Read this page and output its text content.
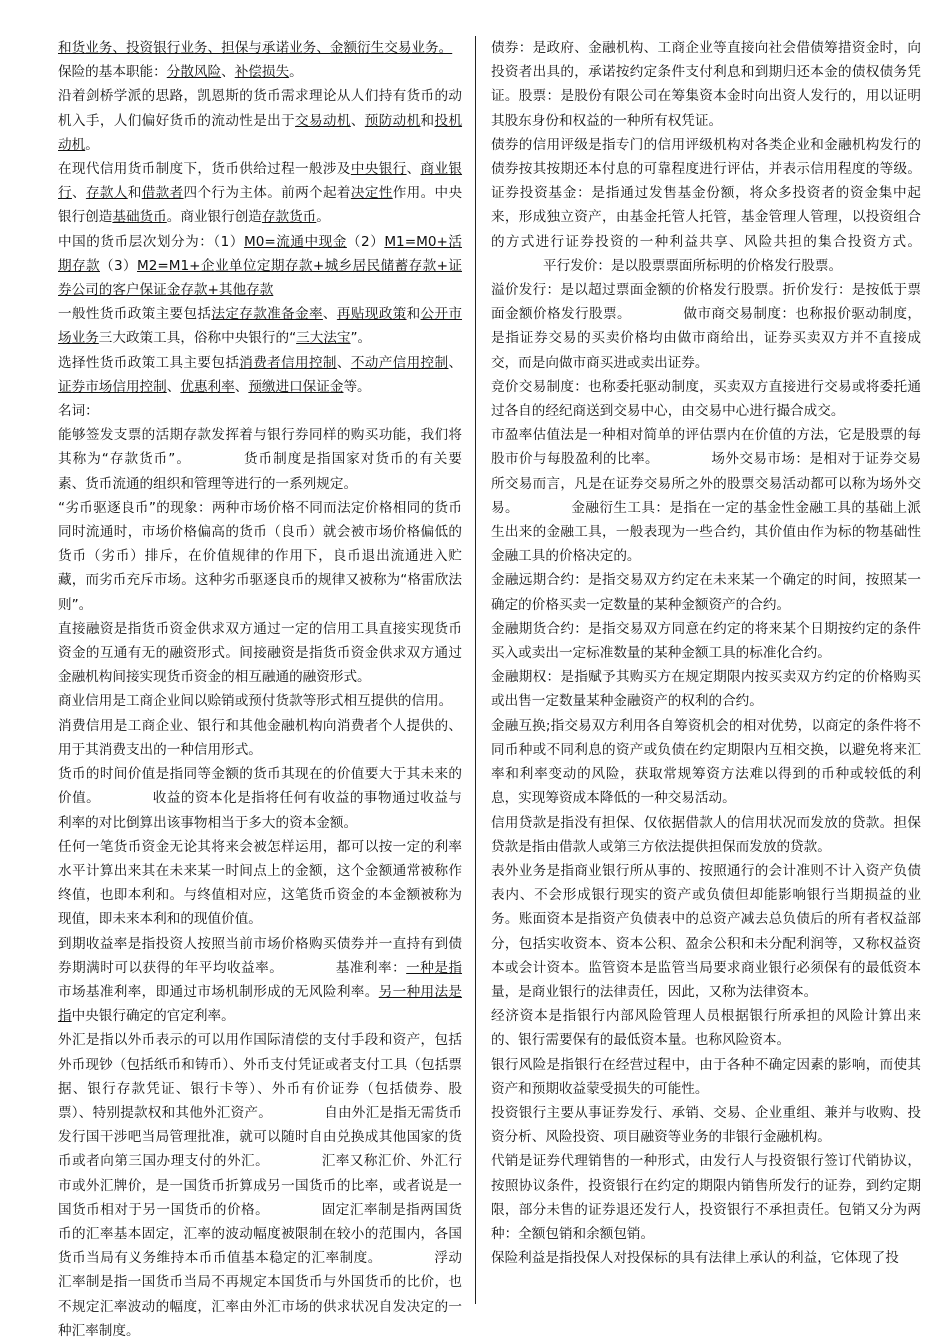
和货业务、投资银行业务、担保与承诺业务、金额衍生交易业务。

保险的基本职能：分散风险、补偿损失。

沿着剑桥学派的思路，凯恩斯的货币需求理论从人们持有货币的动机入手，人们偏好货币的流动性是出于交易动机、预防动机和投机动机。

在现代信用货币制度下，货币供给过程一般涉及中央银行、商业银行、存款人和借款者四个行为主体。前两个起着决定性作用。中央银行创造基础货币。商业银行创造存款货币。

中国的货币层次划分为：（1）M0=流通中现金（2）M1=M0+活期存款（3）M2=M1+企业单位定期存款+城乡居民储蓄存款+证券公司的客户保证金存款+其他存款

一般性货币政策主要包括法定存款准备金率、再贴现政策和公开市场业务三大政策工具，俗称中央银行的“三大法宝”。

选择性货币政策工具主要包括消费者信用控制、不动产信用控制、证券市场信用控制、优惠利率、预缴进口保证金等。

名词：

能够签发支票的活期存款发挥着与银行券同样的购买功能，我们将其称为“存款货币”。	货币制度是指国家对货币的有关要素、货币流通的组织和管理等进行的一系列规定。

“劣币驱逐良币”的现象：两种市场价格不同而法定价格相同的货币同时流通时，市场价格偏高的货币（良币）就会被市场价格偏低的货币（劣币）排斥，在价值规律的作用下，良币退出流通进入贮藏，而劣币充斥市场。这种劣币驱逐良币的规律又被称为“格雷欣法则”。

直接融资是指货币资金供求双方通过一定的信用工具直接实现货币资金的互通有无的融资形式。间接融资是指货币资金供求双方通过金融机构间接实现货币资金的相互融通的融资形式。

商业信用是工商企业间以赊销或预付货款等形式相互提供的信用。

消费信用是工商企业、银行和其他金融机构向消费者个人提供的、用于其消费支出的一种信用形式。

货币的时间价值是指同等金额的货币其现在的价值要大于其未来的价值。	收益的资本化是指将任何有收益的事物通过收益与利率的对比倒算出该事物相当于多大的资本金额。

任何一笔货币资金无论其将来会被怎样运用，都可以按一定的利率水平计算出来其在未来某一时间点上的金额，这个金额通常被称作终值，也即本利和。与终值相对应，这笔货币资金的本金额被称为现值，即未来本利和的现值价值。

到期收益率是指投资人按照当前市场价格购买债券并一直持有到债券期满时可以获得的年平均收益率。	基准利率：一种是指市场基准利率，即通过市场机制形成的无风险利率。另一种用法是指中央银行确定的官定利率。

外汇是指以外币表示的可以用作国际清偿的支付手段和资产，包括外币现钞（包括纸币和铸币）、外币支付凭证或者支付工具（包括票据、银行存款凭证、银行卡等）、外币有价证券（包括债券、股票）、特别提款权和其他外汇资产。	自由外汇是指无需货币发行国干涉吧当局管理批准，就可以随时自由兑换成其他国家的货币或者向第三国办理支付的外汇。	汇率又称汇价、外汇行市或外汇牌价，是一国货币折算成另一国货币的比率，或者说是一国货币相对于另一国货币的价格。	固定汇率制是指两国货币的汇率基本固定，汇率的波动幅度被限制在较小的范围内，各国货币当局有义务维持本币币值基本稳定的汇率制度。	浮动汇率制是指一国货币当局不再规定本国货币与外国货币的比价，也不规定汇率波动的幅度，汇率由外汇市场的供求状况自发决定的一种汇率制度。

债券：是政府、金融机构、工商企业等直接向社会借债筹措资金时，向投资者出具的，承诺按约定条件支付利息和到期归还本金的债权债务凭证。股票：是股份有限公司在筹集资本金时向出资人发行的，用以证明其股东身份和权益的一种所有权凭证。

债券的信用评级是指专门的信用评级机构对各类企业和金融机构发行的债券按其按期还本付息的可靠程度进行评估，并表示信用程度的等级。证券投资基金：是指通过发售基金份额，将众多投资者的资金集中起来，形成独立资产，由基金托管人托管，基金管理人管理，以投资组合的方式进行证券投资的一种利益共享、风险共担的集合投资方式。平行发价：是以股票票面所标明的价格发行股票。

溢价发行：是以超过票面金额的价格发行股票。折价发行：是按低于票面金额价格发行股票。	做市商交易制度：也称报价驱动制度，是指证券交易的买卖价格均由做市商给出，证券买卖双方并不直接成交，而是向做市商买进或卖出证券。

竞价交易制度：也称委托驱动制度，买卖双方直接进行交易或将委托通过各自的经纪商送到交易中心，由交易中心进行撮合成交。

市盈率估值法是一种相对简单的评估票内在价值的方法，它是股票的每股市价与每股盈利的比率。	场外交易市场：是相对于证券交易所交易而言，凡是在证券交易所之外的股票交易活动都可以称为场外交易。	金融衍生工具：是指在一定的基金性金融工具的基础上派生出来的金融工具，一般表现为一些合约，其价值由作为标的物基础性金融工具的价格决定的。

金融远期合约：是指交易双方约定在未来某一个确定的时间，按照某一确定的价格买卖一定数量的某种金额资产的合约。

金融期货合约：是指交易双方同意在约定的将来某个日期按约定的条件买入或卖出一定标准数量的某种金额工具的标准化合约。

金融期权：是指赋予其购买方在规定期限内按买卖双方约定的价格购买或出售一定数量某种金融资产的权利的合约。

金融互换;指交易双方利用各自筹资机会的相对优势，以商定的条件将不同币种或不同利息的资产或负债在约定期限内互相交换，以避免将来汇率和利率变动的风险，获取常规筹资方法难以得到的币种或较低的利息，实现筹资成本降低的一种交易活动。

信用贷款是指没有担保、仅依据借款人的信用状况而发放的贷款。担保贷款是指由借款人或第三方依法提供担保而发放的贷款。

表外业务是指商业银行所从事的、按照通行的会计准则不计入资产负债表内、不会形成银行现实的资产或负债但却能影响银行当期损益的业务。账面资本是指资产负债表中的总资产减去总负债后的所有者权益部分，包括实收资本、资本公积、盈余公积和未分配利润等，又称权益资本或会计资本。监管资本是监管当局要求商业银行必须保有的最低资本量，是商业银行的法律责任，因此，又称为法律资本。

经济资本是指银行内部风险管理人员根据银行所承担的风险计算出来的、银行需要保有的最低资本量。也称风险资本。

银行风险是指银行在经营过程中，由于各种不确定因素的影响，而使其资产和预期收益蒙受损失的可能性。

投资银行主要从事证券发行、承销、交易、企业重组、兼并与收购、投资分析、风险投资、项目融资等业务的非银行金融机构。

代销是证券代理销售的一种形式，由发行人与投资银行签订代销协议，按照协议条件，投资银行在约定的期限内销售所发行的证券，到约定期限，部分未售的证券退还发行人，投资银行不承担责任。包销又分为两种：全额包销和余额包销。

保险利益是指投保人对投保标的具有法律上承认的利益，它体现了投
